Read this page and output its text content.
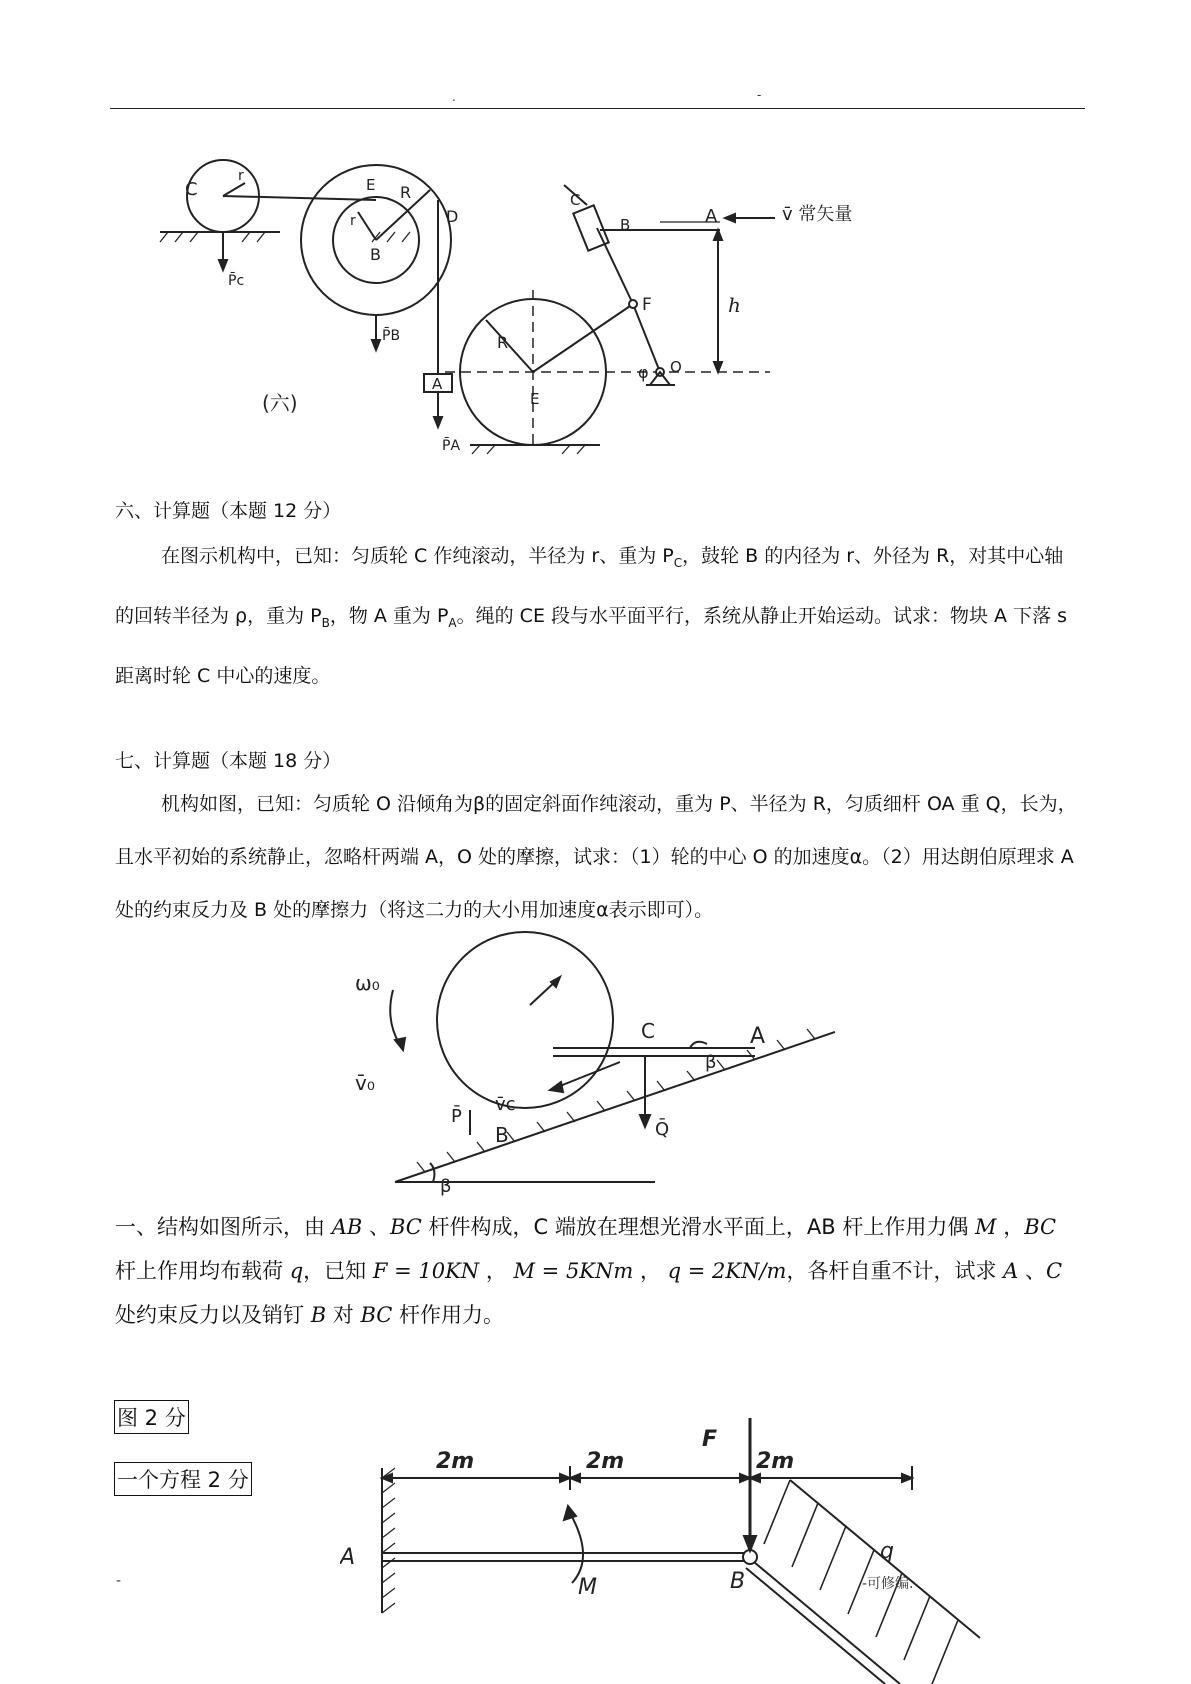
.	-
C
r
P̄c
E R
r
B
D
P̄B
A
P̄A
(六)
C
B	A	v̄ 常矢量
h
F
φ O
R
E

六、计算题（本题 12 分）

在图示机构中，已知：匀质轮 C 作纯滚动，半径为 r、重为 $P_C$，鼓轮 B 的内径为 r、外径为 R，对其中心轴的回转半径为 ρ，重为 $P_B$，物 A 重为 $P_A$。绳的 CE 段与水平面平行，系统从静止开始运动。试求：物块 A 下落 s 距离时轮 C 中心的速度。

七、计算题（本题 18 分）

机构如图，已知：匀质轮 O 沿倾角为β的固定斜面作纯滚动，重为 P、半径为 R，匀质细杆 OA 重 Q，长为，且水平初始的系统静止，忽略杆两端 A，O 处的摩擦，试求：（1）轮的中心 O 的加速度α。（2）用达朗伯原理求 A 处的约束反力及 B 处的摩擦力（将这二力的大小用加速度α表示即可）。

ω₀
v̄₀
P̄
v̄c
B
C	A
β
Q̄
β

一、结构如图所示，由 AB 、BC 杆件构成，C 端放在理想光滑水平面上，AB 杆上作用力偶 M ，BC 杆上作用均布载荷 q，已知 F = 10KN ， M = 5KNm ， q = 2KN/m，各杆自重不计，试求 A 、C 处约束反力以及销钉 B 对 BC 杆作用力。

图 2 分
一个方程 2 分
2m	2m	2m
F
A
M	B
q
-	-可修编.
